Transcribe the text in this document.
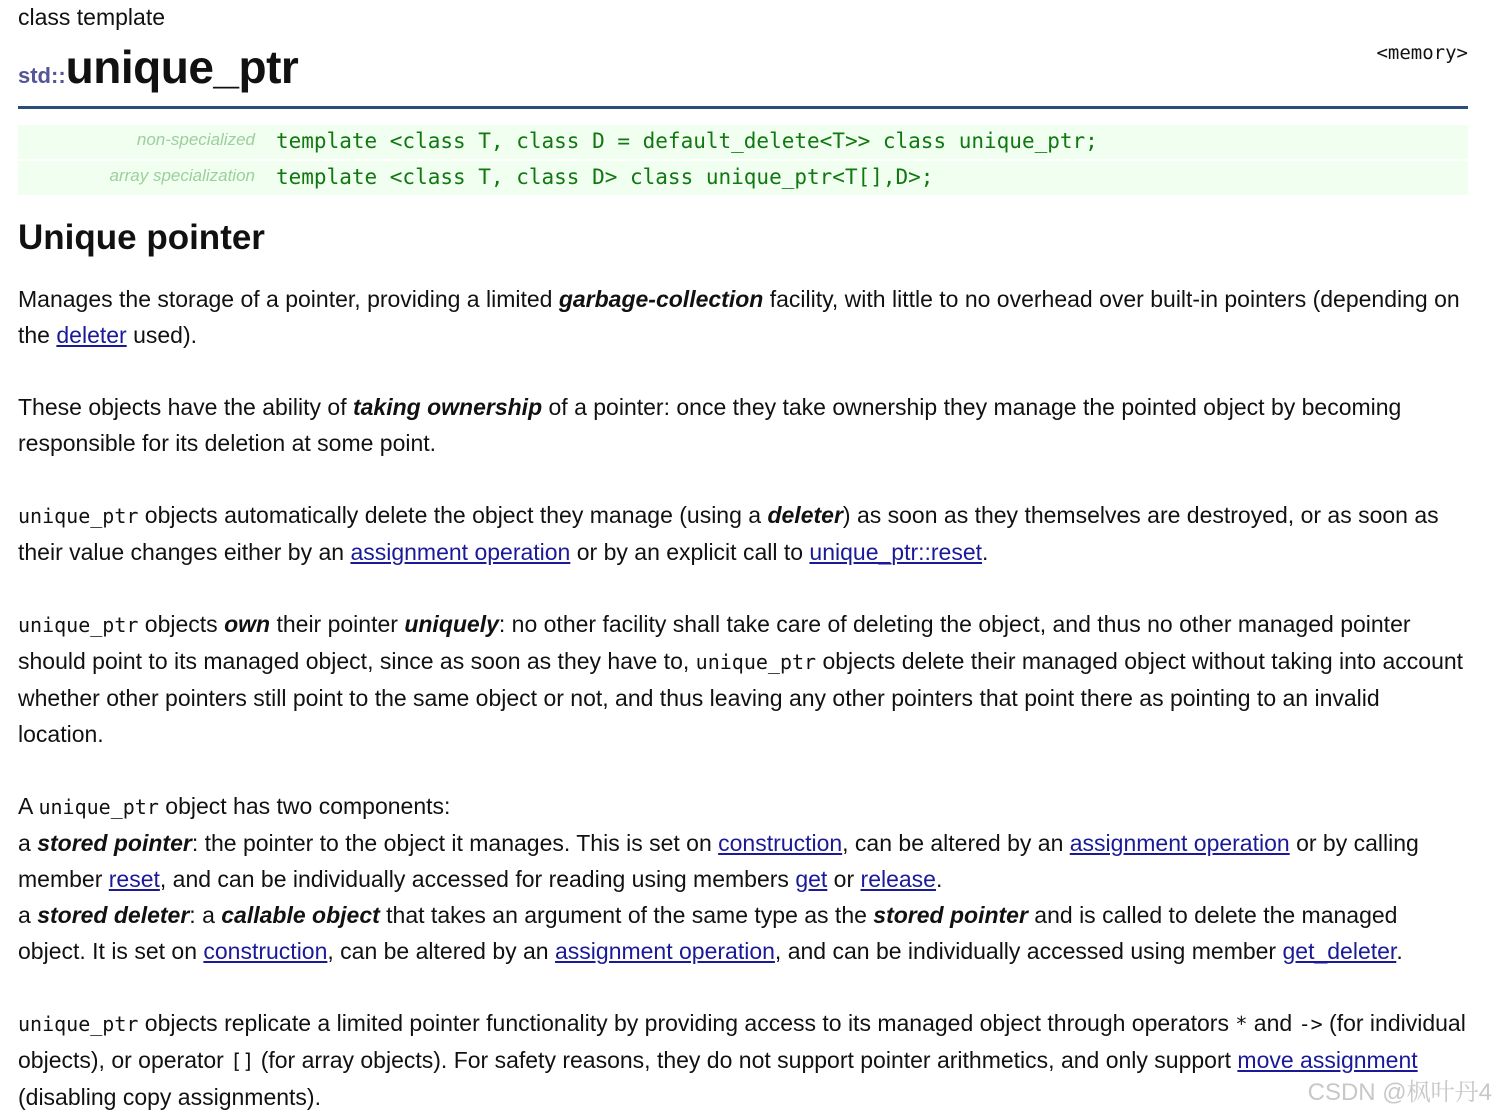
class template
<memory>
std::unique_ptr
non-specialized template <class T, class D = default_delete<T>> class unique_ptr;
array specialization template <class T, class D> class unique_ptr<T[],D>;
Unique pointer

Manages the storage of a pointer, providing a limited garbage-collection facility, with little to no overhead over built-in pointers (depending on the deleter used).

These objects have the ability of taking ownership of a pointer: once they take ownership they manage the pointed object by becoming responsible for its deletion at some point.

unique_ptr objects automatically delete the object they manage (using a deleter) as soon as they themselves are destroyed, or as soon as their value changes either by an assignment operation or by an explicit call to unique_ptr::reset.

unique_ptr objects own their pointer uniquely: no other facility shall take care of deleting the object, and thus no other managed pointer should point to its managed object, since as soon as they have to, unique_ptr objects delete their managed object without taking into account whether other pointers still point to the same object or not, and thus leaving any other pointers that point there as pointing to an invalid location.

A unique_ptr object has two components:

a stored pointer: the pointer to the object it manages. This is set on construction, can be altered by an assignment operation or by calling member reset, and can be individually accessed for reading using members get or release.

a stored deleter: a callable object that takes an argument of the same type as the stored pointer and is called to delete the managed object. It is set on construction, can be altered by an assignment operation, and can be individually accessed using member get_deleter.

unique_ptr objects replicate a limited pointer functionality by providing access to its managed object through operators * and -> (for individual objects), or operator [] (for array objects). For safety reasons, they do not support pointer arithmetics, and only support move assignment (disabling copy assignments).	CSDN @枫叶丹4
